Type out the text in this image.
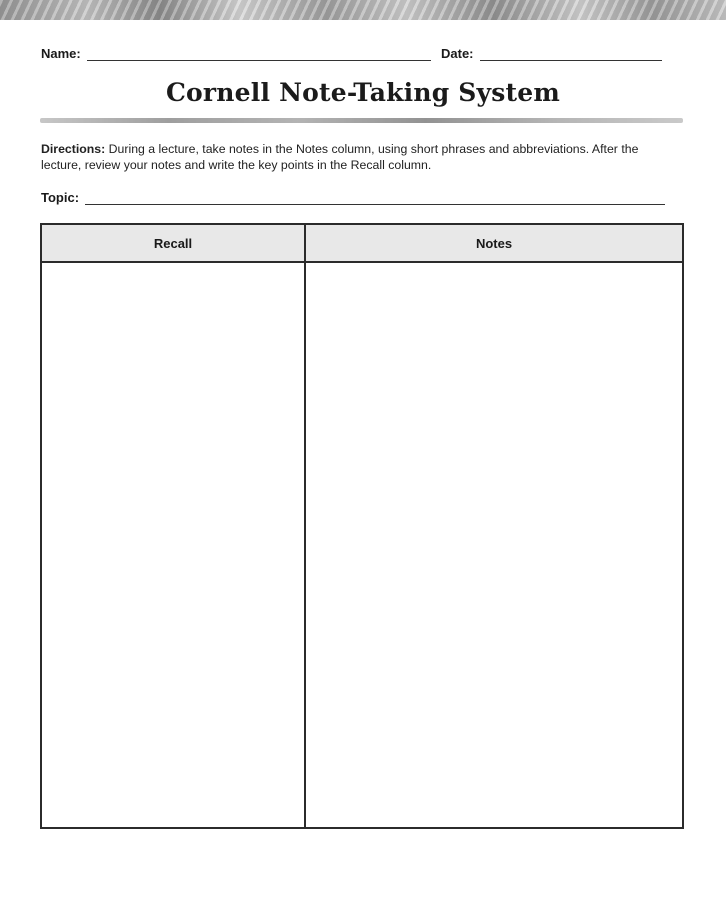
Name:	Date:
Cornell Note-Taking System
Directions: During a lecture, take notes in the Notes column, using short phrases and abbreviations. After the lecture, review your notes and write the key points in the Recall column.
Topic:
Recall	Notes
